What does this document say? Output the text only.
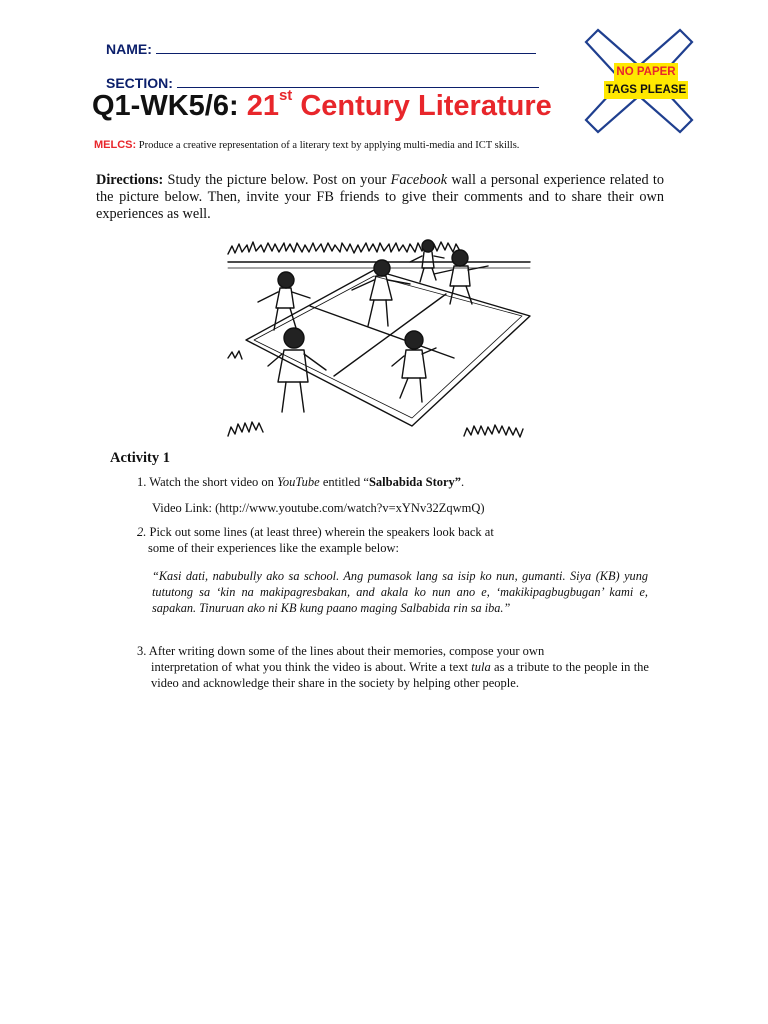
NAME:
SECTION:
Q1-WK5/6: 21st Century Literature
MELCS: Produce a creative representation of a literary text by applying multi-media and ICT skills.
NO PAPER
TAGS PLEASE
Directions: Study the picture below. Post on your Facebook wall a personal experience related to the picture below. Then, invite your FB friends to give their comments and to share their own experiences as well.
Activity 1
1. Watch the short video on YouTube entitled “Salbabida Story”.
Video Link: (http://www.youtube.com/watch?v=xYNv32ZqwmQ)
2. Pick out some lines (at least three) wherein the speakers look back at
some of their experiences like the example below:
“Kasi dati, nabubully ako sa school. Ang pumasok lang sa isip ko nun, gumanti. Siya (KB) yung tututong sa ‘kin na makipagresbakan, and akala ko nun ano e, ‘makikipagbugbugan’ kami e, sapakan. Tinuruan ako ni KB kung paano maging Salbabida rin sa iba.”
3. After writing down some of the lines about their memories, compose your own
interpretation of what you think the video is about. Write a text tula as a tribute to the people in the video and acknowledge their share in the society by helping other people.
